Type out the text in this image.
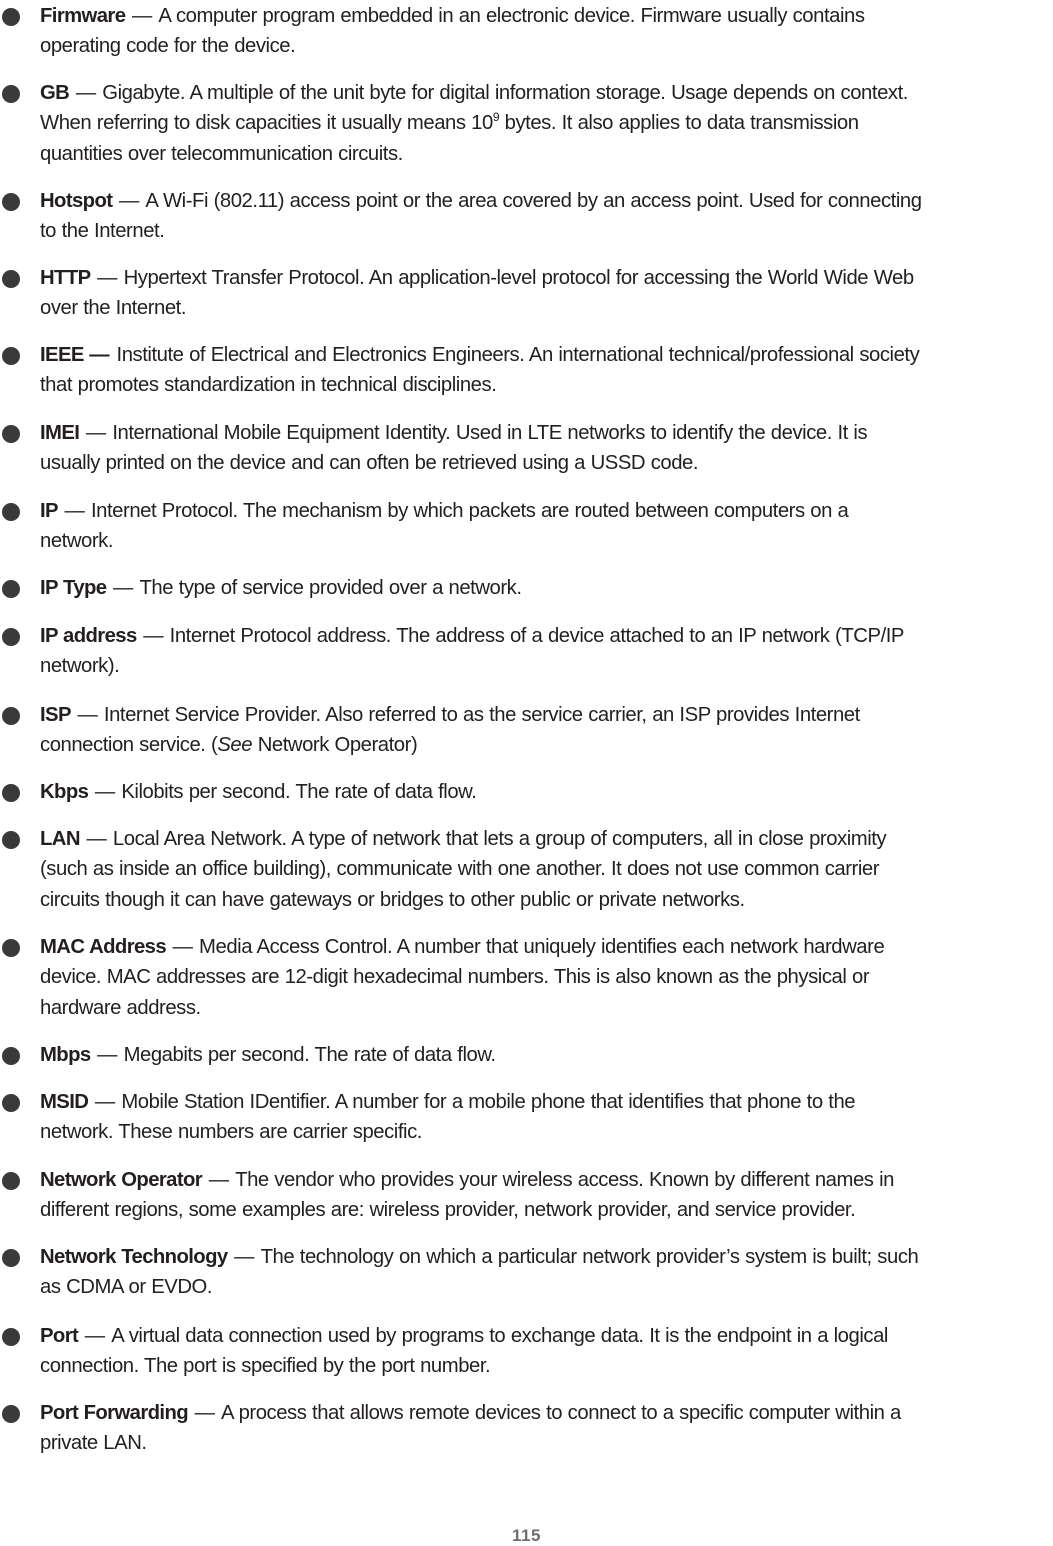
Firmware — A computer program embedded in an electronic device. Firmware usually contains
operating code for the device.
GB — Gigabyte. A multiple of the unit byte for digital information storage. Usage depends on context.
When referring to disk capacities it usually means $10^9$ bytes. It also applies to data transmission
quantities over telecommunication circuits.
Hotspot — A Wi-Fi (802.11) access point or the area covered by an access point. Used for connecting
to the Internet.
HTTP — Hypertext Transfer Protocol. An application-level protocol for accessing the World Wide Web
over the Internet.
IEEE — Institute of Electrical and Electronics Engineers. An international technical/professional society
that promotes standardization in technical disciplines.
IMEI — International Mobile Equipment Identity. Used in LTE networks to identify the device. It is
usually printed on the device and can often be retrieved using a USSD code.
IP — Internet Protocol. The mechanism by which packets are routed between computers on a
network.
IP Type — The type of service provided over a network.
IP address — Internet Protocol address. The address of a device attached to an IP network (TCP/IP
network).
ISP — Internet Service Provider. Also referred to as the service carrier, an ISP provides Internet
connection service. (See Network Operator)
Kbps — Kilobits per second. The rate of data flow.
LAN — Local Area Network. A type of network that lets a group of computers, all in close proximity
(such as inside an office building), communicate with one another. It does not use common carrier
circuits though it can have gateways or bridges to other public or private networks.
MAC Address — Media Access Control. A number that uniquely identifies each network hardware
device. MAC addresses are 12-digit hexadecimal numbers. This is also known as the physical or
hardware address.
Mbps — Megabits per second. The rate of data flow.
MSID — Mobile Station IDentifier. A number for a mobile phone that identifies that phone to the
network. These numbers are carrier specific.
Network Operator — The vendor who provides your wireless access. Known by different names in
different regions, some examples are: wireless provider, network provider, and service provider.
Network Technology — The technology on which a particular network provider’s system is built; such
as CDMA or EVDO.
Port — A virtual data connection used by programs to exchange data. It is the endpoint in a logical
connection. The port is specified by the port number.
Port Forwarding — A process that allows remote devices to connect to a specific computer within a
private LAN.
115
